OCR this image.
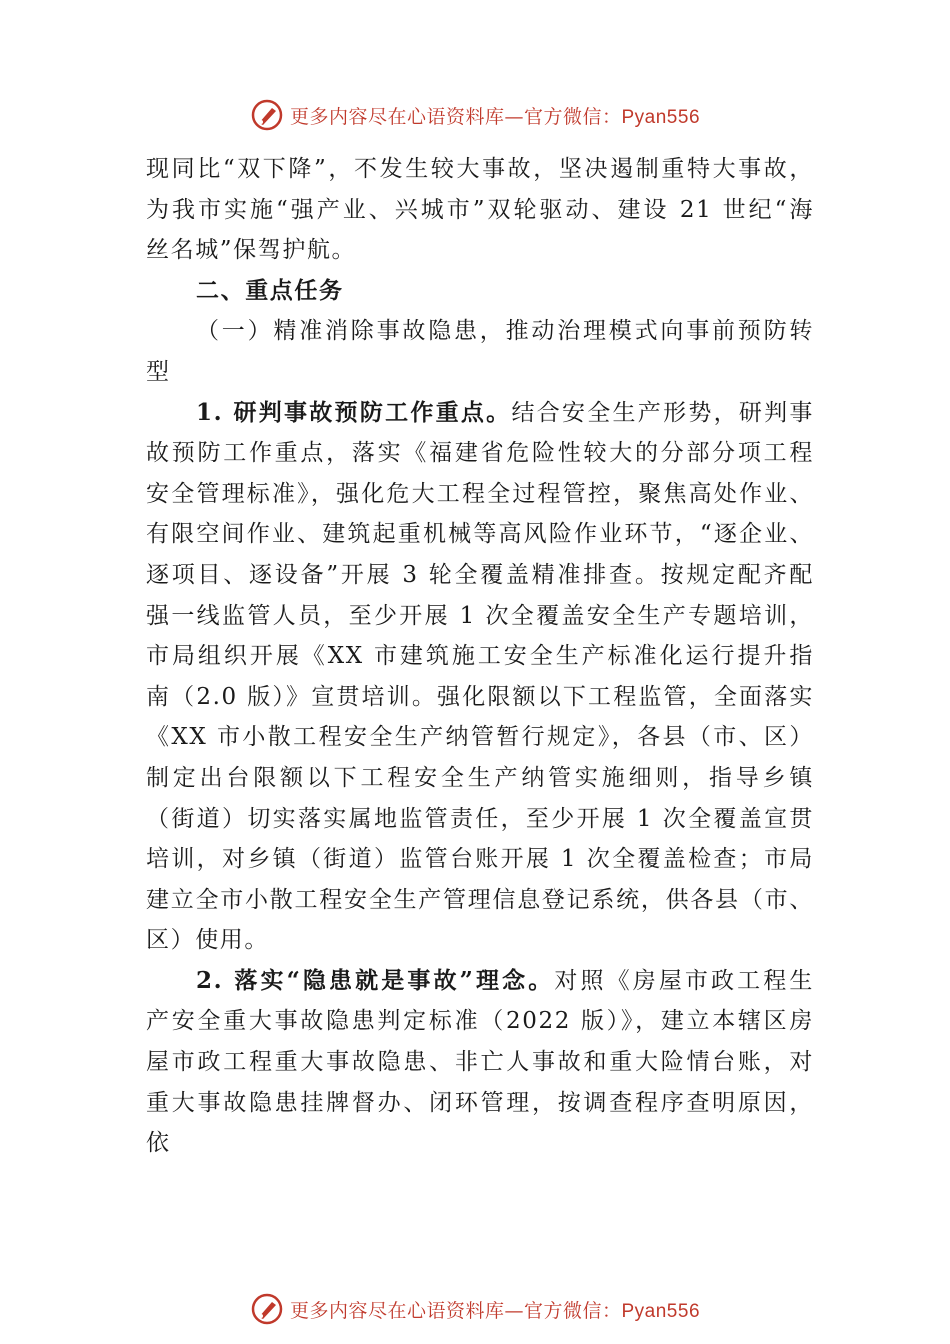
更多内容尽在心语资料库—官方微信：Pyan556
现同比“双下降”，不发生较大事故，坚决遏制重特大事故，
为我市实施“强产业、兴城市”双轮驱动、建设 21 世纪“海
丝名城”保驾护航。
二、重点任务
（一）精准消除事故隐患，推动治理模式向事前预防转
型
1. 研判事故预防工作重点。结合安全生产形势，研判事
故预防工作重点，落实《福建省危险性较大的分部分项工程
安全管理标准》，强化危大工程全过程管控，聚焦高处作业、
有限空间作业、建筑起重机械等高风险作业环节，“逐企业、
逐项目、逐设备”开展 3 轮全覆盖精准排查。按规定配齐配
强一线监管人员，至少开展 1 次全覆盖安全生产专题培训，
市局组织开展《XX 市建筑施工安全生产标准化运行提升指
南（2.0 版）》宣贯培训。强化限额以下工程监管，全面落实
《XX 市小散工程安全生产纳管暂行规定》，各县（市、区）
制定出台限额以下工程安全生产纳管实施细则，指导乡镇
（街道）切实落实属地监管责任，至少开展 1 次全覆盖宣贯
培训，对乡镇（街道）监管台账开展 1 次全覆盖检查；市局
建立全市小散工程安全生产管理信息登记系统，供各县（市、
区）使用。
2. 落实“隐患就是事故”理念。对照《房屋市政工程生
产安全重大事故隐患判定标准（2022 版）》，建立本辖区房
屋市政工程重大事故隐患、非亡人事故和重大险情台账，对
重大事故隐患挂牌督办、闭环管理，按调查程序查明原因，
依
更多内容尽在心语资料库—官方微信：Pyan556
